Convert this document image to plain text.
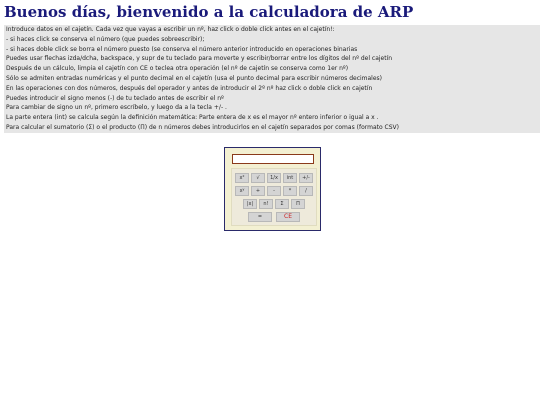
Buenos días, bienvenido a la calculadora de ARP
Introduce datos en el cajetín. Cada vez que vayas a escribir un nº, haz click o doble click antes en el cajetín!:
- si haces click se conserva el número (que puedes sobreescribir);
- si haces doble click se borra el número puesto (se conserva el número anterior introducido en operaciones binarias
Puedes usar flechas izda/dcha, backspace, y supr de tu teclado para moverte y escribir/borrar entre los dígitos del nº del cajetín
Después de un cálculo, limpia el cajetín con CE o teclea otra operación (el nº de cajetín se conserva como 1er nº)
Sólo se admiten entradas numéricas y el punto decimal en el cajetín (usa el punto decimal para escribir números decimales)
En las operaciones con dos números, después del operador y antes de introducir el 2º nº haz click o doble click en cajetín
Puedes introducir el signo menos (-) de tu teclado antes de escribir el nº
Para cambiar de signo un nº, primero escríbelo, y luego da a la tecla +/- .
La parte entera (int) se calcula según la definición matemática: Parte entera de x es el mayor nº entero inferior o igual a x .
Para calcular el sumatorio (Σ) o el producto (Π) de n números debes introducirlos en el cajetín separados por comas (formato CSV)
x²	√	1/x	int	+/-
xʸ	+	-	*	/
|x|	n!	Σ	Π
=	CE
